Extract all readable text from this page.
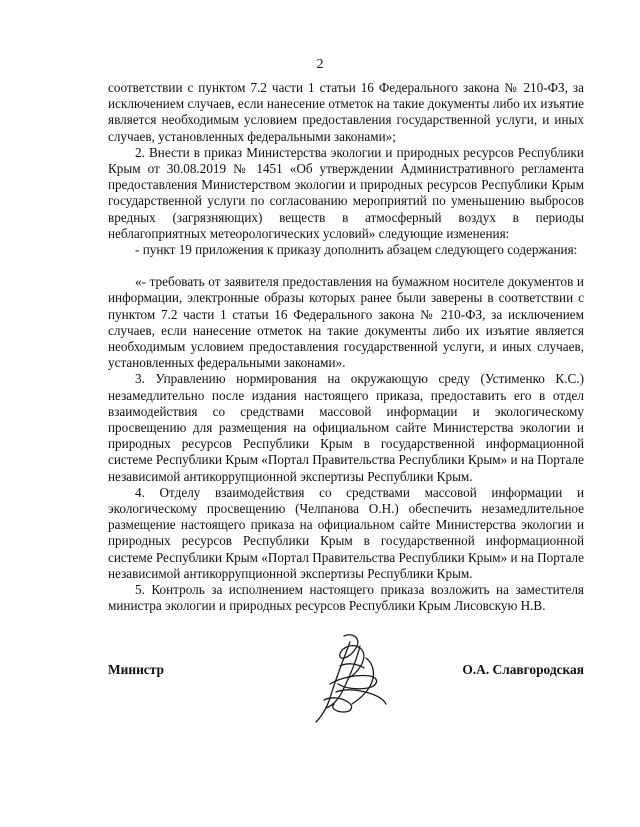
2

соответствии с пунктом 7.2 части 1 статьи 16 Федерального закона № 210-ФЗ, за исключением случаев, если нанесение отметок на такие документы либо их изъятие является необходимым условием предоставления государственной услуги, и иных случаев, установленных федеральными законами»;

2. Внести в приказ Министерства экологии и природных ресурсов Республики Крым от 30.08.2019 № 1451 «Об утверждении Административного регламента предоставления Министерством экологии и природных ресурсов Республики Крым государственной услуги по согласованию мероприятий по уменьшению выбросов вредных (загрязняющих) веществ в атмосферный воздух в периоды неблагоприятных метеорологических условий» следующие изменения:

- пункт 19 приложения к приказу дополнить абзацем следующего содержания:

«- требовать от заявителя предоставления на бумажном носителе документов и информации, электронные образы которых ранее были заверены в соответствии с пунктом 7.2 части 1 статьи 16 Федерального закона № 210-ФЗ, за исключением случаев, если нанесение отметок на такие документы либо их изъятие является необходимым условием предоставления государственной услуги, и иных случаев, установленных федеральными законами».

3. Управлению нормирования на окружающую среду (Устименко К.С.) незамедлительно после издания настоящего приказа, предоставить его в отдел взаимодействия со средствами массовой информации и экологическому просвещению для размещения на официальном сайте Министерства экологии и природных ресурсов Республики Крым в государственной информационной системе Республики Крым «Портал Правительства Республики Крым» и на Портале независимой антикоррупционной экспертизы Республики Крым.

4. Отделу взаимодействия со средствами массовой информации и экологическому просвещению (Челпанова О.Н.) обеспечить незамедлительное размещение настоящего приказа на официальном сайте Министерства экологии и природных ресурсов Республики Крым в государственной информационной системе Республики Крым «Портал Правительства Республики Крым» и на Портале независимой антикоррупционной экспертизы Республики Крым.

5. Контроль за исполнением настоящего приказа возложить на заместителя министра экологии и природных ресурсов Республики Крым Лисовскую Н.В.

Министр	О.А. Славгородская
